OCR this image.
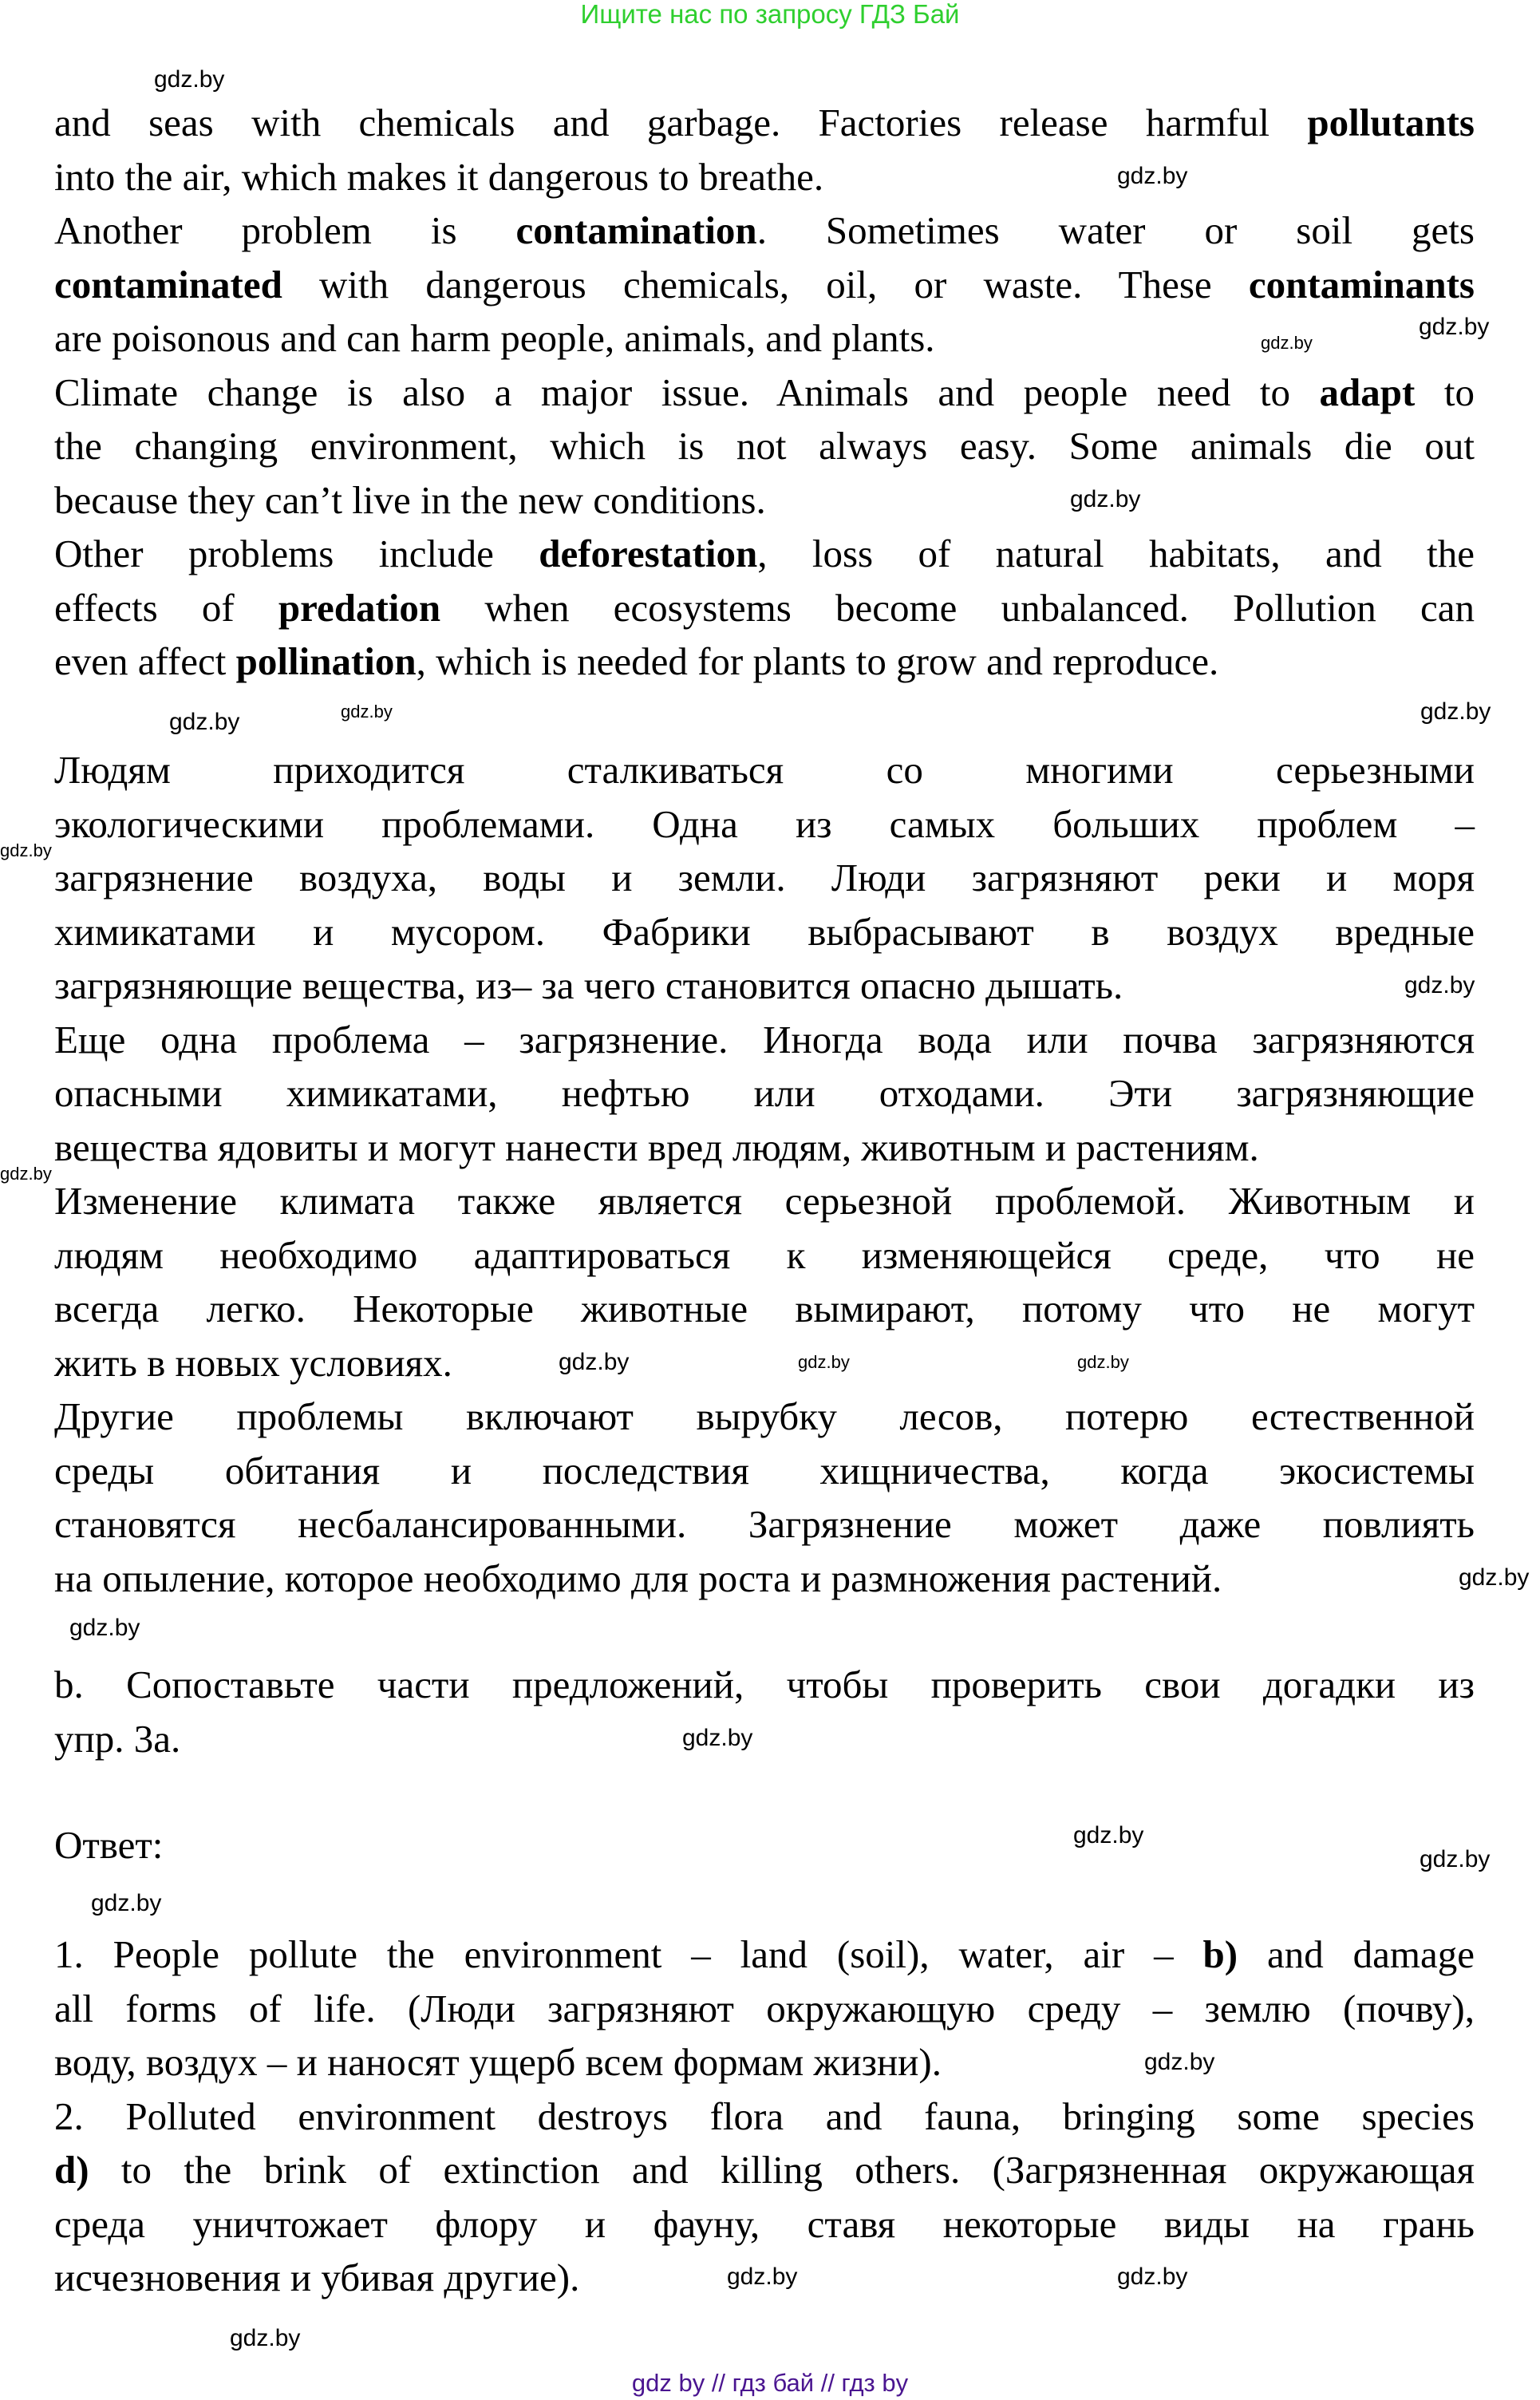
Ищите нас по запросу ГДЗ Бай
and seas with chemicals and garbage. Factories release harmful pollutants
into the air, which makes it dangerous to breathe.
Another problem is contamination. Sometimes water or soil gets
contaminated with dangerous chemicals, oil, or waste. These contaminants
are poisonous and can harm people, animals, and plants.
Climate change is also a major issue. Animals and people need to adapt to
the changing environment, which is not always easy. Some animals die out
because they can’t live in the new conditions.
Other problems include deforestation, loss of natural habitats, and the
effects of predation when ecosystems become unbalanced. Pollution can
even affect pollination, which is needed for plants to grow and reproduce.
Людям приходится сталкиваться со многими серьезными
экологическими проблемами. Одна из самых больших проблем –
загрязнение воздуха, воды и земли. Люди загрязняют реки и моря
химикатами и мусором. Фабрики выбрасывают в воздух вредные
загрязняющие вещества, из– за чего становится опасно дышать.
Еще одна проблема – загрязнение. Иногда вода или почва загрязняются
опасными химикатами, нефтью или отходами. Эти загрязняющие
вещества ядовиты и могут нанести вред людям, животным и растениям.
Изменение климата также является серьезной проблемой. Животным и
людям необходимо адаптироваться к изменяющейся среде, что не
всегда легко. Некоторые животные вымирают, потому что не могут
жить в новых условиях.
Другие проблемы включают вырубку лесов, потерю естественной
среды обитания и последствия хищничества, когда экосистемы
становятся несбалансированными. Загрязнение может даже повлиять
на опыление, которое необходимо для роста и размножения растений.
b. Сопоставьте части предложений, чтобы проверить свои догадки из
упр. 3а.
Ответ:
1. People pollute the environment – land (soil), water, air – b) and damage
all forms of life. (Люди загрязняют окружающую среду – землю (почву),
воду, воздух – и наносят ущерб всем формам жизни).
2. Polluted environment destroys flora and fauna, bringing some species
d) to the brink of extinction and killing others. (Загрязненная окружающая
среда уничтожает флору и фауну, ставя некоторые виды на грань
исчезновения и убивая другие).
gdz.by
gdz.by
gdz.by
gdz.by
gdz.by
gdz.by
gdz.by
gdz.by
gdz.by
gdz.by
gdz.by
gdz.by
gdz.by
gdz.by
gdz.by
gdz.by
gdz.by
gdz.by
gdz.by
gdz.by
gdz.by
gdz.by
gdz.by
gdz.by
gdz by // гдз бай // гдз by
